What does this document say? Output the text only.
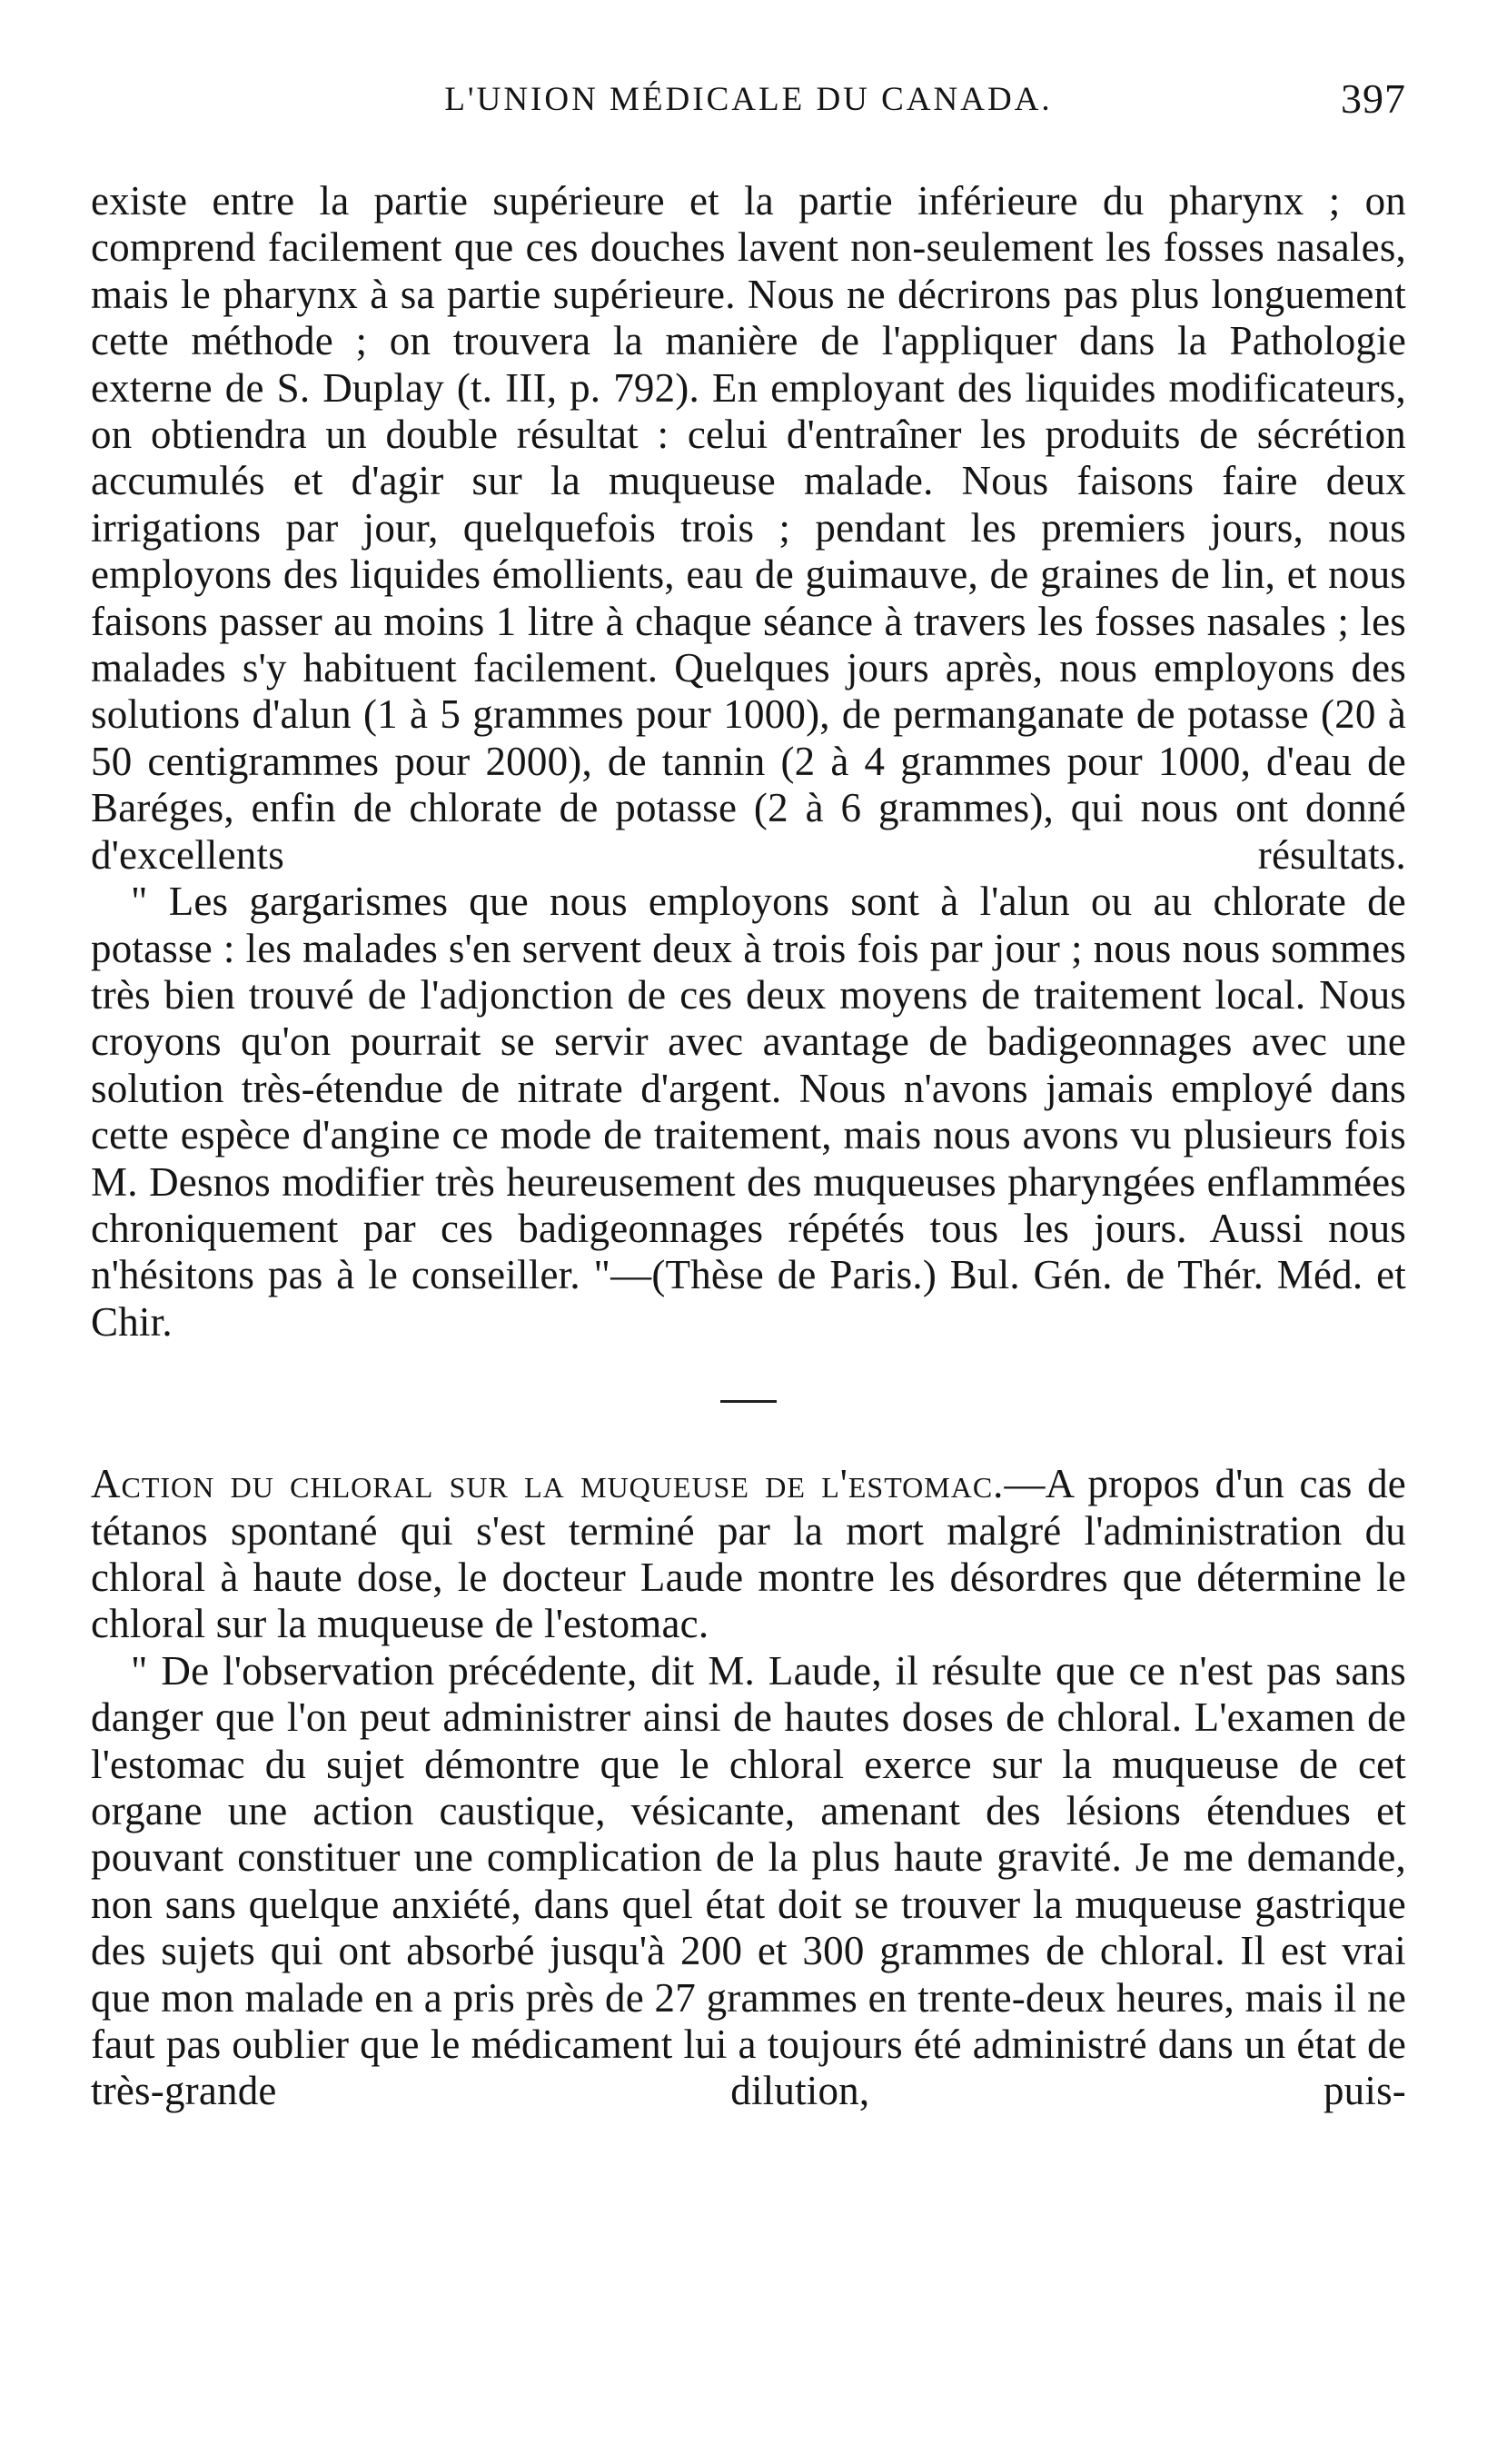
L'UNION MÉDICALE DU CANADA.	397

existe entre la partie supérieure et la partie inférieure du pharynx ; on comprend facilement que ces douches lavent non-seulement les fosses nasales, mais le pharynx à sa partie supérieure. Nous ne décrirons pas plus longuement cette méthode ; on trouvera la manière de l'appliquer dans la Pathologie externe de S. Duplay (t. III, p. 792). En employant des liquides modificateurs, on obtiendra un double résultat : celui d'entraîner les produits de sécrétion accumulés et d'agir sur la muqueuse malade. Nous faisons faire deux irrigations par jour, quelquefois trois ; pendant les premiers jours, nous employons des liquides émollients, eau de guimauve, de graines de lin, et nous faisons passer au moins 1 litre à chaque séance à travers les fosses nasales ; les malades s'y habituent facilement. Quelques jours après, nous employons des solutions d'alun (1 à 5 grammes pour 1000), de permanganate de potasse (20 à 50 centigrammes pour 2000), de tannin (2 à 4 grammes pour 1000, d'eau de Baréges, enfin de chlorate de potasse (2 à 6 grammes), qui nous ont donné d'excellents résultats.

" Les gargarismes que nous employons sont à l'alun ou au chlorate de potasse : les malades s'en servent deux à trois fois par jour ; nous nous sommes très bien trouvé de l'adjonction de ces deux moyens de traitement local. Nous croyons qu'on pourrait se servir avec avantage de badigeonnages avec une solution très-étendue de nitrate d'argent. Nous n'avons jamais employé dans cette espèce d'angine ce mode de traitement, mais nous avons vu plusieurs fois M. Desnos modifier très heureusement des muqueuses pharyngées enflammées chroniquement par ces badigeonnages répétés tous les jours. Aussi nous n'hésitons pas à le conseiller. "—(Thèse de Paris.) Bul. Gén. de Thér. Méd. et Chir.

Action du chloral sur la muqueuse de l'estomac.—A propos d'un cas de tétanos spontané qui s'est terminé par la mort malgré l'administration du chloral à haute dose, le docteur Laude montre les désordres que détermine le chloral sur la muqueuse de l'estomac.

" De l'observation précédente, dit M. Laude, il résulte que ce n'est pas sans danger que l'on peut administrer ainsi de hautes doses de chloral. L'examen de l'estomac du sujet démontre que le chloral exerce sur la muqueuse de cet organe une action caustique, vésicante, amenant des lésions étendues et pouvant constituer une complication de la plus haute gravité. Je me demande, non sans quelque anxiété, dans quel état doit se trouver la muqueuse gastrique des sujets qui ont absorbé jusqu'à 200 et 300 grammes de chloral. Il est vrai que mon malade en a pris près de 27 grammes en trente-deux heures, mais il ne faut pas oublier que le médicament lui a toujours été administré dans un état de très-grande dilution, puis-
